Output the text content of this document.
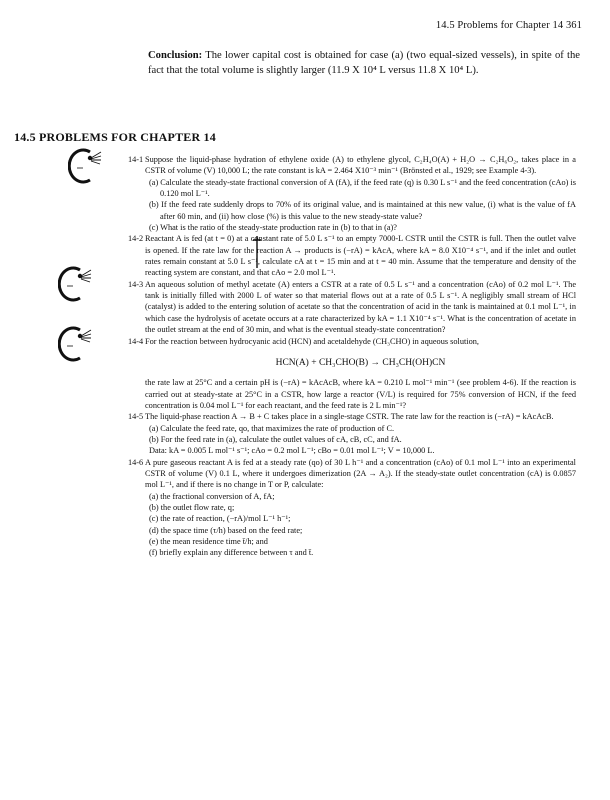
14.5 Problems for Chapter 14 361
Conclusion: The lower capital cost is obtained for case (a) (two equal-sized vessels), in spite of the fact that the total volume is slightly larger (11.9 X 10⁴ L versus 11.8 X 10⁴ L).
14.5 PROBLEMS FOR CHAPTER 14
14-1 Suppose the liquid-phase hydration of ethylene oxide (A) to ethylene glycol, C₂H₄O(A) + H₂O → C₂H₆O₂, takes place in a CSTR of volume (V) 10,000 L; the rate constant is kA = 2.464 X10⁻³ min⁻¹ (Brönsted et al., 1929; see Example 4-3).
(a) Calculate the steady-state fractional conversion of A (fA), if the feed rate (q) is 0.30 L s⁻¹ and the feed concentration (cAo) is 0.120 mol L⁻¹.
(b) If the feed rate suddenly drops to 70% of its original value, and is maintained at this new value, (i) what is the value of fA after 60 min, and (ii) how close (%) is this value to the new steady-state value?
(c) What is the ratio of the steady-state production rate in (b) to that in (a)?
14-2 Reactant A is fed (at t = 0) at a constant rate of 5.0 L s⁻¹ to an empty 7000-L CSTR until the CSTR is full. Then the outlet valve is opened. If the rate law for the reaction A → products is (−rA) = kAcA, where kA = 8.0 X10⁻⁴ s⁻¹, and if the inlet and outlet rates remain constant at 5.0 L s⁻¹, calculate cA at t = 15 min and at t = 40 min. Assume that the temperature and density of the reacting system are constant, and that cAo = 2.0 mol L⁻¹.
14-3 An aqueous solution of methyl acetate (A) enters a CSTR at a rate of 0.5 L s⁻¹ and a concentration (cAo) of 0.2 mol L⁻¹. The tank is initially filled with 2000 L of water so that material flows out at a rate of 0.5 L s⁻¹. A negligibly small stream of HCl (catalyst) is added to the entering solution of acetate so that the concentration of acid in the tank is maintained at 0.1 mol L⁻¹, in which case the hydrolysis of acetate occurs at a rate characterized by kA = 1.1 X10⁻⁴ s⁻¹. What is the concentration of acetate in the outlet stream at the end of 30 min, and what is the eventual steady-state concentration?
14-4 For the reaction between hydrocyanic acid (HCN) and acetaldehyde (CH₃CHO) in aqueous solution,
HCN(A) + CH₃CHO(B) → CH₃CH(OH)CN
the rate law at 25°C and a certain pH is (−rA) = kAcAcB, where kA = 0.210 L mol⁻¹ min⁻¹ (see problem 4-6). If the reaction is carried out at steady-state at 25°C in a CSTR, how large a reactor (V/L) is required for 75% conversion of HCN, if the feed concentration is 0.04 mol L⁻¹ for each reactant, and the feed rate is 2 L min⁻¹?
14-5 The liquid-phase reaction A → B + C takes place in a single-stage CSTR. The rate law for the reaction is (−rA) = kAcAcB.
(a) Calculate the feed rate, qo, that maximizes the rate of production of C.
(b) For the feed rate in (a), calculate the outlet values of cA, cB, cC, and fA.
Data: kA = 0.005 L mol⁻¹ s⁻¹; cAo = 0.2 mol L⁻¹; cBo = 0.01 mol L⁻¹; V = 10,000 L.
14-6 A pure gaseous reactant A is fed at a steady rate (qo) of 30 L h⁻¹ and a concentration (cAo) of 0.1 mol L⁻¹ into an experimental CSTR of volume (V) 0.1 L, where it undergoes dimerization (2A → A₂). If the steady-state outlet concentration (cA) is 0.0857 mol L⁻¹, and if there is no change in T or P, calculate:
(a) the fractional conversion of A, fA;
(b) the outlet flow rate, q;
(c) the rate of reaction, (−rA)/mol L⁻¹ h⁻¹;
(d) the space time (τ/h) based on the feed rate;
(e) the mean residence time t̄/h; and
(f) briefly explain any difference between τ and t̄.
